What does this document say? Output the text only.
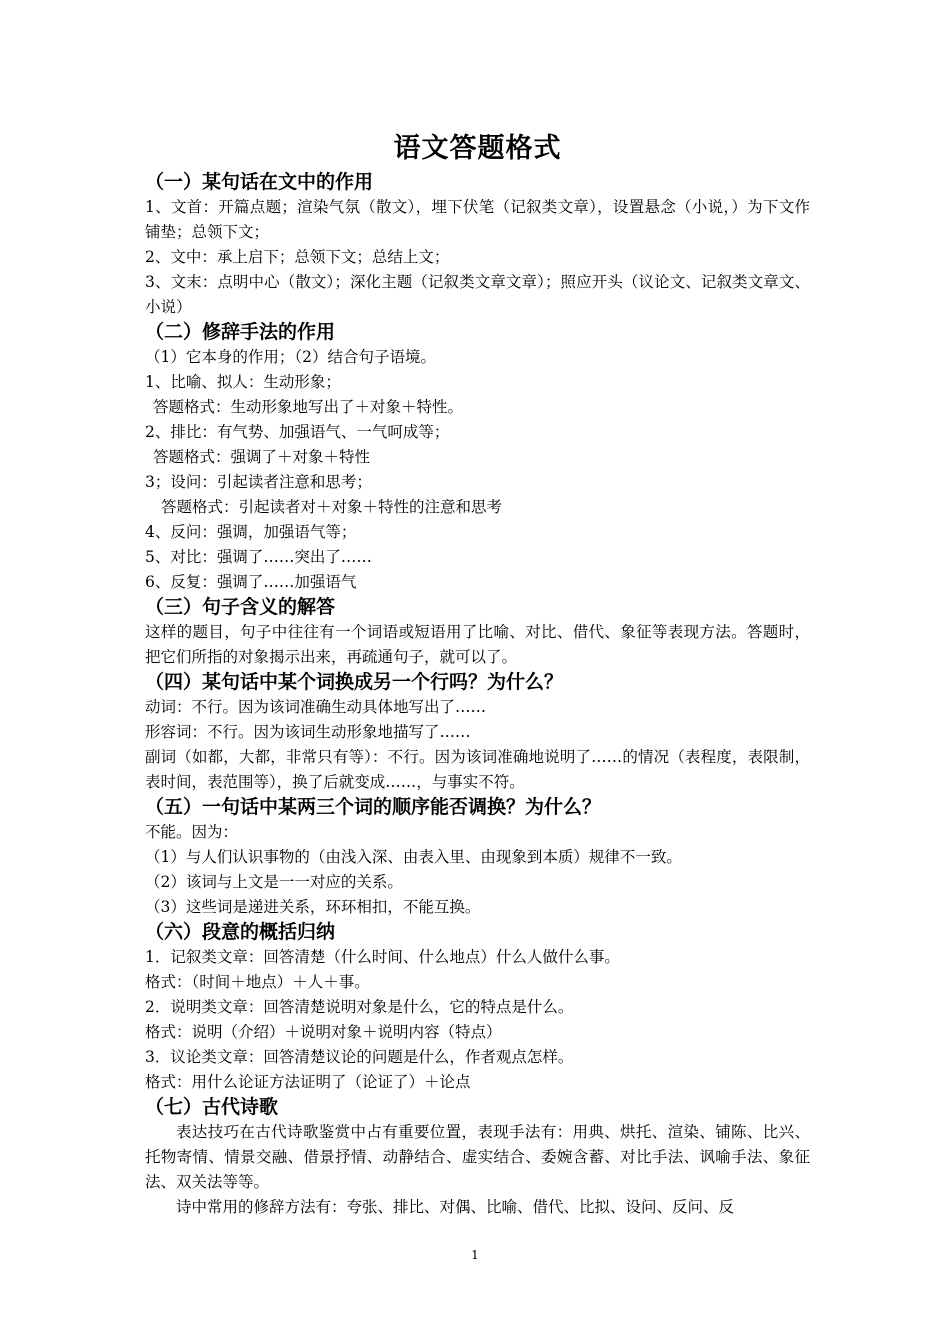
语文答题格式
（一）某句话在文中的作用

1、文首：开篇点题；渲染气氛（散文），埋下伏笔（记叙类文章），设置悬念（小说，）为下文作铺垫；总领下文；

2、文中：承上启下；总领下文；总结上文；

3、文末：点明中心（散文）；深化主题（记叙类文章文章）；照应开头（议论文、记叙类文章文、小说）

（二）修辞手法的作用

（1）它本身的作用；（2）结合句子语境。

1、比喻、拟人：生动形象；

答题格式：生动形象地写出了＋对象＋特性。

2、排比：有气势、加强语气、一气呵成等；

答题格式：强调了＋对象＋特性

3；设问：引起读者注意和思考；

答题格式：引起读者对＋对象＋特性的注意和思考

4、反问：强调，加强语气等；

5、对比：强调了……突出了……

6、反复：强调了……加强语气

（三）句子含义的解答

这样的题目，句子中往往有一个词语或短语用了比喻、对比、借代、象征等表现方法。答题时，把它们所指的对象揭示出来，再疏通句子，就可以了。

（四）某句话中某个词换成另一个行吗？为什么？

动词：不行。因为该词准确生动具体地写出了……

形容词：不行。因为该词生动形象地描写了……

副词（如都，大都，非常只有等）：不行。因为该词准确地说明了……的情况（表程度，表限制，表时间，表范围等），换了后就变成……，与事实不符。

（五）一句话中某两三个词的顺序能否调换？为什么？

不能。因为：

（1）与人们认识事物的（由浅入深、由表入里、由现象到本质）规律不一致。

（2）该词与上文是一一对应的关系。

（3）这些词是递进关系，环环相扣，不能互换。

（六）段意的概括归纳

1．记叙类文章：回答清楚（什么时间、什么地点）什么人做什么事。

格式：（时间＋地点）＋人＋事。

2．说明类文章：回答清楚说明对象是什么，它的特点是什么。

格式：说明（介绍）＋说明对象＋说明内容（特点）

3．议论类文章：回答清楚议论的问题是什么，作者观点怎样。

格式：用什么论证方法证明了（论证了）＋论点

（七）古代诗歌

表达技巧在古代诗歌鉴赏中占有重要位置，表现手法有：用典、烘托、渲染、铺陈、比兴、托物寄情、情景交融、借景抒情、动静结合、虚实结合、委婉含蓄、对比手法、讽喻手法、象征法、双关法等等。

诗中常用的修辞方法有：夸张、排比、对偶、比喻、借代、比拟、设问、反问、反

1
